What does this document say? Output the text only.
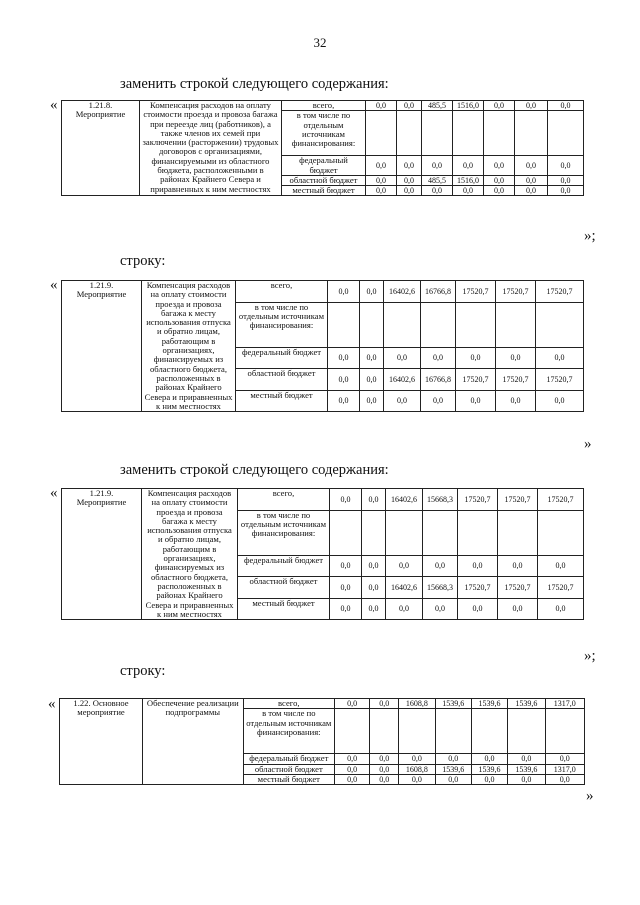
32
заменить строкой следующего содержания:
строку:
заменить строкой следующего содержания:
строку:
«
«
«
«
»;
»
»;
»
1.21.8.
Мероприятие	Компенсация расходов на оплату стоимости проезда и провоза багажа при переезде лиц (работников), а также членов их семей при заключении (расторжении) трудовых договоров с организациями, финансируемыми из областного бюджета, расположенными в районах Крайнего Севера и приравненных к ним местностях	всего,	0,0	0,0	485,5	1516,0	0,0	0,0	0,0
		в том числе по отдельным источникам финансирования:							
		федеральный бюджет	0,0	0,0	0,0	0,0	0,0	0,0	0,0
		областной бюджет	0,0	0,0	485,5	1516,0	0,0	0,0	0,0
		местный бюджет	0,0	0,0	0,0	0,0	0,0	0,0	0,0
1.21.9.
Мероприятие	Компенсация расходов на оплату стоимости проезда и провоза багажа к месту использования отпуска и обратно лицам, работающим в организациях, финансируемых из областного бюджета, расположенных в районах Крайнего Севера и приравненных к ним местностях	всего,	0,0	0,0	16402,6	16766,8	17520,7	17520,7	17520,7
		в том числе по отдельным источникам финансирования:							
		федеральный бюджет	0,0	0,0	0,0	0,0	0,0	0,0	0,0
		областной бюджет	0,0	0,0	16402,6	16766,8	17520,7	17520,7	17520,7
		местный бюджет	0,0	0,0	0,0	0,0	0,0	0,0	0,0
1.21.9.
Мероприятие	Компенсация расходов на оплату стоимости проезда и провоза багажа к месту использования отпуска и обратно лицам, работающим в организациях, финансируемых из областного бюджета, расположенных в районах Крайнего Севера и приравненных к ним местностях	всего,	0,0	0,0	16402,6	15668,3	17520,7	17520,7	17520,7
		в том числе по отдельным источникам финансирования:							
		федеральный бюджет	0,0	0,0	0,0	0,0	0,0	0,0	0,0
		областной бюджет	0,0	0,0	16402,6	15668,3	17520,7	17520,7	17520,7
		местный бюджет	0,0	0,0	0,0	0,0	0,0	0,0	0,0
1.22. Основное
мероприятие	Обеспечение реализации подпрограммы	всего,	0,0	0,0	1608,8	1539,6	1539,6	1539,6	1317,0
		в том числе по отдельным источникам финансирования:							
		федеральный бюджет	0,0	0,0	0,0	0,0	0,0	0,0	0,0
		областной бюджет	0,0	0,0	1608,8	1539,6	1539,6	1539,6	1317,0
		местный бюджет	0,0	0,0	0,0	0,0	0,0	0,0	0,0
